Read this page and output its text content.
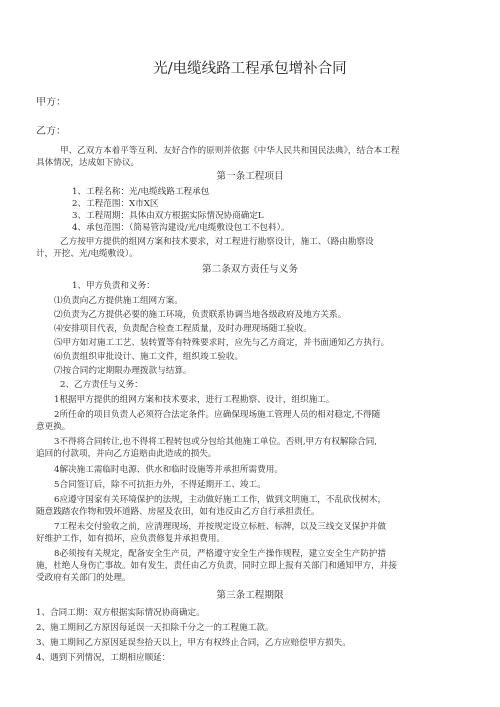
光/电缆线路工程承包增补合同
甲方：
乙方：
甲、乙双方本着平等互利、友好合作的原则并依据《中华人民共和国民法典》，结合本工程
具体情况，达成如下协议。
第一条工程项目
1、工程名称：光/电缆线路工程承包
2、工程范围：X市X区
3、工程周期：具体由双方根据实际情况协商确定L
4、承包范围：（简易管沟建设/光/电缆敷设包工不包料）。
乙方按甲方提供的组网方案和技术要求，对工程进行勘察设计，施工、（路由勘察设
计，开挖、光/电缆敷设）。
第二条双方责任与义务
1、甲方负责和义务：
⑴负责向乙方提供施工组网方案。
⑵负责为乙方提供必要的施工环境，负责联系协调当地各级政府及地方关系。
⑷安排项目代表，负责配合检查工程质量，及时办理现场随工验收。
⑸甲方如对施工工艺、装转置等有特殊要求时，应先与乙方商定，并书面通知乙方执行。
⑹负责组织审批设计、施工文件，组织竣工验收。
⑺按合同约定期限办理拨款与结算。
2、乙方责任与义务：
1根据甲方提供的组网方案和技术要求，进行工程勘察、设计，组织施工。
2所任命的项目负责人必须符合法定条件。应确保现场施工管理人员的相对稳定,不得随
意更换。
3不得将合同转让,也不得将工程转包或分包给其他施工单位。否则,甲方有权解除合同,
追回的付款项，并向乙方追赔由此造成的损失。
4解决施工需临时电源、供水和临时设施等并承担所需费用。
5合同签订后，除不可抗拒力外，不得延期开工、竣工。
6应遵守国家有关环境保护的法规，主动做好施工工作，做到文明施工，不乱砍伐树木，
随意践踏农作物和毁坏道路、房屋及农田，如有违反由乙方自行承担责任。
7工程未交付验收之前，应清理现场，并按规定设立标桩、标牌，以及三线交叉保护并做
好维护工作，如有损坏，应负责修复并承担费用。
8必须按有关规定，配备安全生产员，严格遵守安全生产操作规程，建立安全生产防护措
施，杜绝人身伤亡事故。如有发生，责任由乙方负责，同时立即上报有关部门和通知甲方，并接
受政府有关部门的处理。
第三条工程期限
1、合同工期：双方根据实际情况协商确定。
2、施工期间乙方原因每延误一天扣除千分之一的工程施工款。
3、施工期间乙方原因延误叁拾天以上，甲方有权终止合同，乙方应赔偿甲方损失。
4、遇到下列情况，工期相应顺延：
